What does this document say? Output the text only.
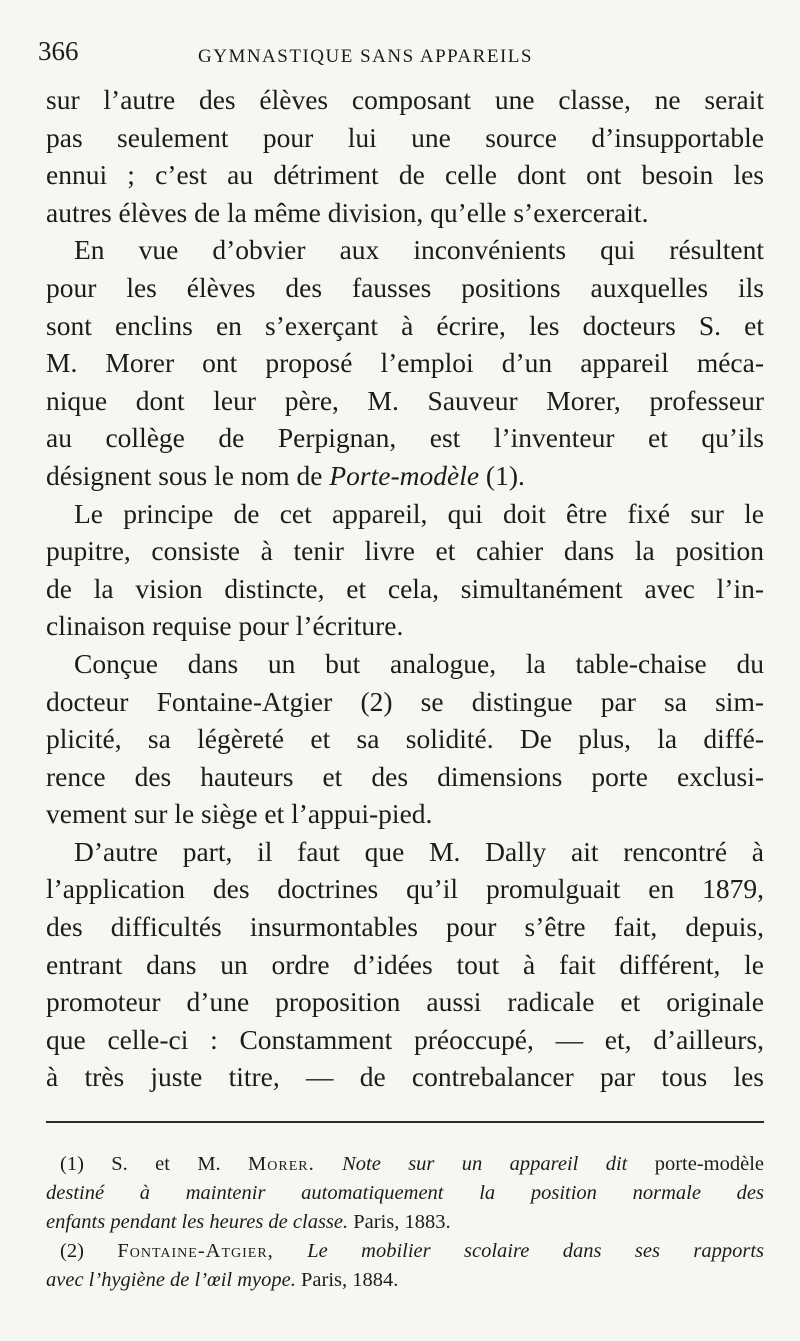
366	GYMNASTIQUE SANS APPAREILS
sur l’autre des élèves composant une classe, ne serait
pas seulement pour lui une source d’insupportable
ennui ; c’est au détriment de celle dont ont besoin les
autres élèves de la même division, qu’elle s’exercerait.
En vue d’obvier aux inconvénients qui résultent
pour les élèves des fausses positions auxquelles ils
sont enclins en s’exerçant à écrire, les docteurs S. et
M. Morer ont proposé l’emploi d’un appareil méca-
nique dont leur père, M. Sauveur Morer, professeur
au collège de Perpignan, est l’inventeur et qu’ils
désignent sous le nom de Porte-modèle (1).
Le principe de cet appareil, qui doit être fixé sur le
pupitre, consiste à tenir livre et cahier dans la position
de la vision distincte, et cela, simultanément avec l’in-
clinaison requise pour l’écriture.
Conçue dans un but analogue, la table-chaise du
docteur Fontaine-Atgier (2) se distingue par sa sim-
plicité, sa légèreté et sa solidité. De plus, la diffé-
rence des hauteurs et des dimensions porte exclusi-
vement sur le siège et l’appui-pied.
D’autre part, il faut que M. Dally ait rencontré à
l’application des doctrines qu’il promulguait en 1879,
des difficultés insurmontables pour s’être fait, depuis,
entrant dans un ordre d’idées tout à fait différent, le
promoteur d’une proposition aussi radicale et originale
que celle-ci : Constamment préoccupé, — et, d’ailleurs,
à très juste titre, — de contrebalancer par tous les
(1) S. et M. Morer. Note sur un appareil dit porte-modèle
destiné à maintenir automatiquement la position normale des
enfants pendant les heures de classe. Paris, 1883.
(2) Fontaine-Atgier, Le mobilier scolaire dans ses rapports
avec l’hygiène de l’œil myope. Paris, 1884.
